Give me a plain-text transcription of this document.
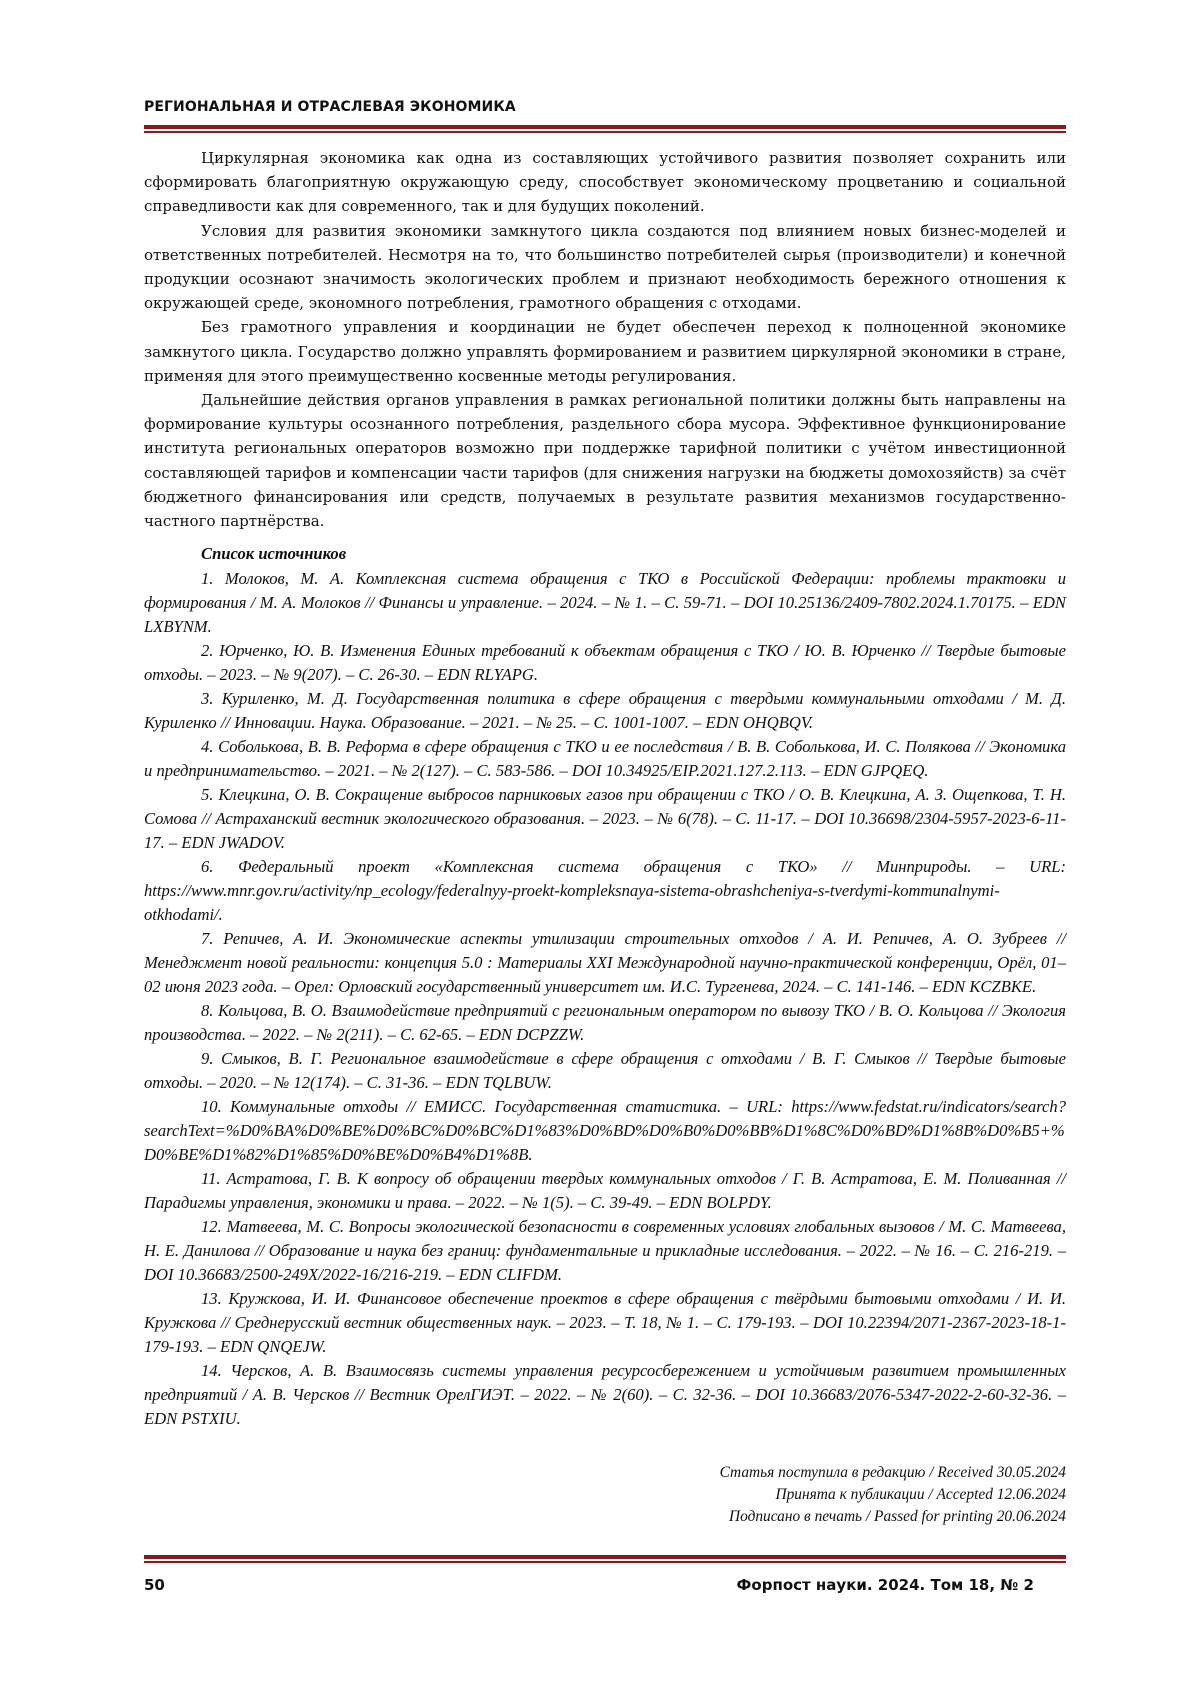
РЕГИОНАЛЬНАЯ И ОТРАСЛЕВАЯ ЭКОНОМИКА

Циркулярная экономика как одна из составляющих устойчивого развития позволяет сохранить или сформировать благоприятную окружающую среду, способствует экономическому процветанию и социальной справедливости как для современного, так и для будущих поколений.

Условия для развития экономики замкнутого цикла создаются под влиянием новых бизнес-моделей и ответственных потребителей. Несмотря на то, что большинство потребителей сырья (производители) и конечной продукции осознают значимость экологических проблем и признают необходимость бережного отношения к окружающей среде, экономного потребления, грамотного обращения с отходами.

Без грамотного управления и координации не будет обеспечен переход к полноценной экономике замкнутого цикла. Государство должно управлять формированием и развитием циркулярной экономики в стране, применяя для этого преимущественно косвенные методы регулирования.

Дальнейшие действия органов управления в рамках региональной политики должны быть направлены на формирование культуры осознанного потребления, раздельного сбора мусора. Эффективное функционирование института региональных операторов возможно при поддержке тарифной политики с учётом инвестиционной составляющей тарифов и компенсации части тарифов (для снижения нагрузки на бюджеты домохозяйств) за счёт бюджетного финансирования или средств, получаемых в результате развития механизмов государственно-частного партнёрства.

Список источников

1. Молоков, М. А. Комплексная система обращения с ТКО в Российской Федерации: проблемы трактовки и формирования / М. А. Молоков // Финансы и управление. – 2024. – № 1. – С. 59-71. – DOI 10.25136/2409-7802.2024.1.70175. – EDN LXBYNM.

2. Юрченко, Ю. В. Изменения Единых требований к объектам обращения с ТКО / Ю. В. Юрченко // Твердые бытовые отходы. – 2023. – № 9(207). – С. 26-30. – EDN RLYAPG.

3. Куриленко, М. Д. Государственная политика в сфере обращения с твердыми коммунальными отходами / М. Д. Куриленко // Инновации. Наука. Образование. – 2021. – № 25. – С. 1001-1007. – EDN OHQBQV.

4. Соболькова, В. В. Реформа в сфере обращения с ТКО и ее последствия / В. В. Соболькова, И. С. Полякова // Экономика и предпринимательство. – 2021. – № 2(127). – С. 583-586. – DOI 10.34925/EIP.2021.127.2.113. – EDN GJPQEQ.

5. Клецкина, О. В. Сокращение выбросов парниковых газов при обращении с ТКО / О. В. Клецкина, А. З. Ощепкова, Т. Н. Сомова // Астраханский вестник экологического образования. – 2023. – № 6(78). – С. 11-17. – DOI 10.36698/2304-5957-2023-6-11-17. – EDN JWADOV.

6. Федеральный проект «Комплексная система обращения с ТКО» // Минприроды. – URL: https://www.mnr.gov.ru/activity/np_ecology/federalnyy-proekt-kompleksnaya-sistema-obrashcheniya-s-tverdymi-kommunalnymi-otkhodami/.

7. Репичев, А. И. Экономические аспекты утилизации строительных отходов / А. И. Репичев, А. О. Зубреев // Менеджмент новой реальности: концепция 5.0 : Материалы XXI Международной научно-практической конференции, Орёл, 01–02 июня 2023 года. – Орел: Орловский государственный университет им. И.С. Тургенева, 2024. – С. 141-146. – EDN KCZBKE.

8. Кольцова, В. О. Взаимодействие предприятий с региональным оператором по вывозу ТКО / В. О. Кольцова // Экология производства. – 2022. – № 2(211). – С. 62-65. – EDN DCPZZW.

9. Смыков, В. Г. Региональное взаимодействие в сфере обращения с отходами / В. Г. Смыков // Твердые бытовые отходы. – 2020. – № 12(174). – С. 31-36. – EDN TQLBUW.

10. Коммунальные отходы // ЕМИСС. Государственная статистика. – URL: https://www.fedstat.ru/indicators/search?searchText=%D0%BA%D0%BE%D0%BC%D0%BC%D1%83%D0%BD%D0%B0%D0%BB%D1%8C%D0%BD%D1%8B%D0%B5+%D0%BE%D1%82%D1%85%D0%BE%D0%B4%D1%8B.

11. Астратова, Г. В. К вопросу об обращении твердых коммунальных отходов / Г. В. Астратова, Е. М. Поливанная // Парадигмы управления, экономики и права. – 2022. – № 1(5). – С. 39-49. – EDN BOLPDY.

12. Матвеева, М. С. Вопросы экологической безопасности в современных условиях глобальных вызовов / М. С. Матвеева, Н. Е. Данилова // Образование и наука без границ: фундаментальные и прикладные исследования. – 2022. – № 16. – С. 216-219. – DOI 10.36683/2500-249X/2022-16/216-219. – EDN CLIFDM.

13. Кружкова, И. И. Финансовое обеспечение проектов в сфере обращения с твёрдыми бытовыми отходами / И. И. Кружкова // Среднерусский вестник общественных наук. – 2023. – Т. 18, № 1. – С. 179-193. – DOI 10.22394/2071-2367-2023-18-1-179-193. – EDN QNQEJW.

14. Черсков, А. В. Взаимосвязь системы управления ресурсосбережением и устойчивым развитием промышленных предприятий / А. В. Черсков // Вестник ОрелГИЭТ. – 2022. – № 2(60). – С. 32-36. – DOI 10.36683/2076-5347-2022-2-60-32-36. – EDN PSTXIU.

Статья поступила в редакцию / Received 30.05.2024
Принята к публикации / Accepted 12.06.2024
Подписано в печать / Passed for printing 20.06.2024
50	Форпост науки. 2024. Том 18, № 2
